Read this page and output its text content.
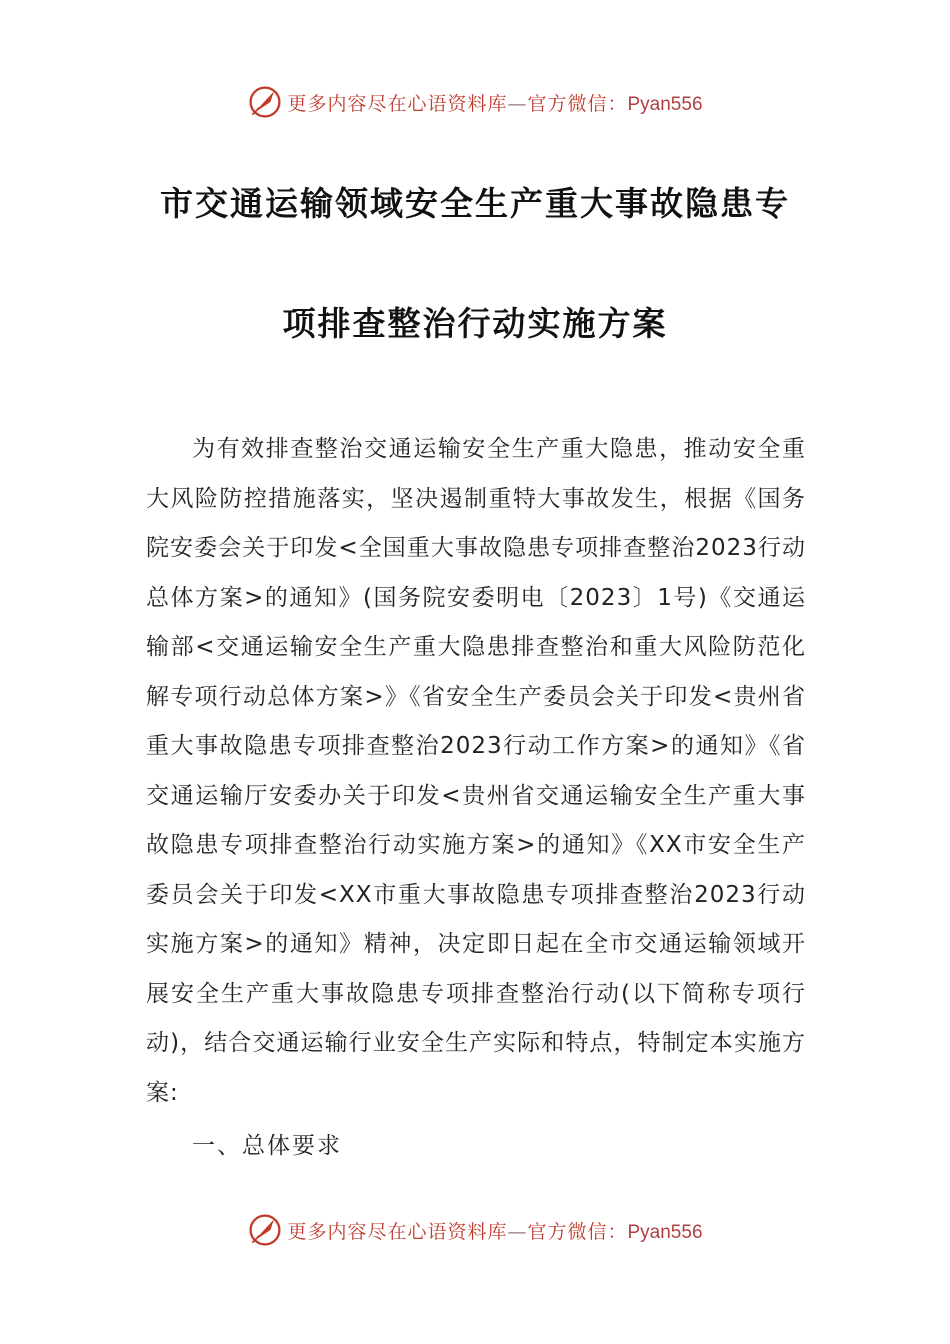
更多内容尽在心语资料库—官方微信：Pyan556
市交通运输领域安全生产重大事故隐患专
项排查整治行动实施方案

为有效排查整治交通运输安全生产重大隐患，推动安全重大风险防控措施落实，坚决遏制重特大事故发生，根据《国务院安委会关于印发<全国重大事故隐患专项排查整治2023行动总体方案>的通知》(国务院安委明电〔2023〕1号)《交通运输部<交通运输安全生产重大隐患排查整治和重大风险防范化解专项行动总体方案>》《省安全生产委员会关于印发<贵州省重大事故隐患专项排查整治2023行动工作方案>的通知》《省交通运输厅安委办关于印发<贵州省交通运输安全生产重大事故隐患专项排查整治行动实施方案>的通知》《XX市安全生产委员会关于印发<XX市重大事故隐患专项排查整治2023行动实施方案>的通知》精神，决定即日起在全市交通运输领域开展安全生产重大事故隐患专项排查整治行动(以下简称专项行动)，结合交通运输行业安全生产实际和特点，特制定本实施方案:

一、总体要求
更多内容尽在心语资料库—官方微信：Pyan556
